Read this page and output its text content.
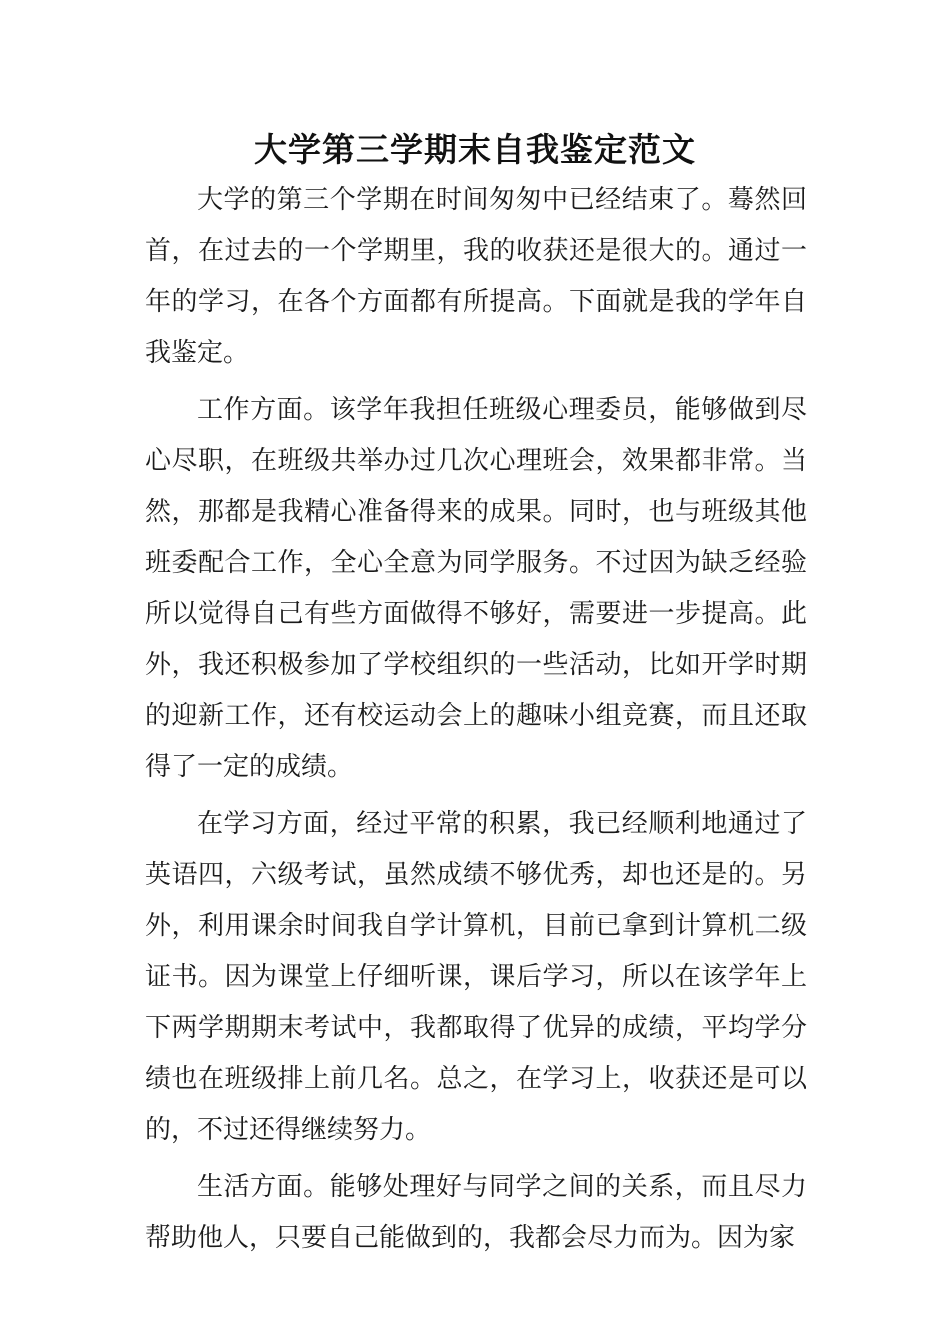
大学第三学期末自我鉴定范文

大学的第三个学期在时间匆匆中已经结束了。蓦然回首，在过去的一个学期里，我的收获还是很大的。通过一年的学习，在各个方面都有所提高。下面就是我的学年自我鉴定。

工作方面。该学年我担任班级心理委员，能够做到尽心尽职，在班级共举办过几次心理班会，效果都非常。当然，那都是我精心准备得来的成果。同时，也与班级其他班委配合工作，全心全意为同学服务。不过因为缺乏经验所以觉得自己有些方面做得不够好，需要进一步提高。此外，我还积极参加了学校组织的一些活动，比如开学时期的迎新工作，还有校运动会上的趣味小组竞赛，而且还取得了一定的成绩。

在学习方面，经过平常的积累，我已经顺利地通过了英语四，六级考试，虽然成绩不够优秀，却也还是的。另外，利用课余时间我自学计算机，目前已拿到计算机二级证书。因为课堂上仔细听课，课后学习，所以在该学年上下两学期期末考试中，我都取得了优异的成绩，平均学分绩也在班级排上前几名。总之，在学习上，收获还是可以的，不过还得继续努力。

生活方面。能够处理好与同学之间的关系，而且尽力帮助他人，只要自己能做到的，我都会尽力而为。因为家
